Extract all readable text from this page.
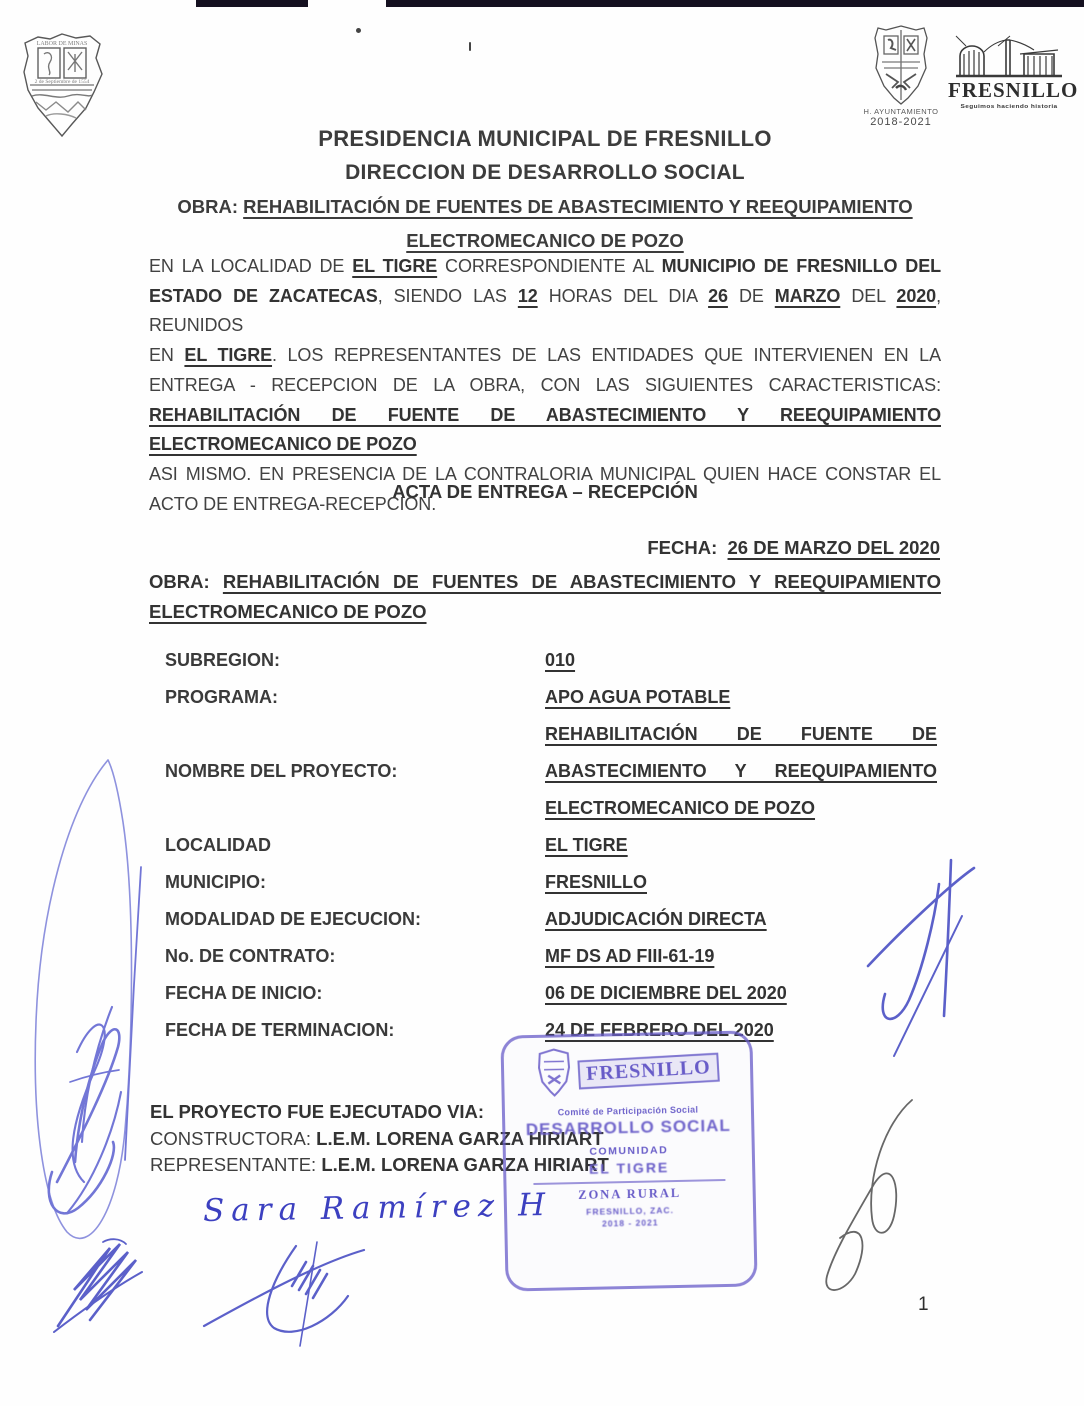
LABOR DE MINAS
2 de Septiembre de 1554
H. AYUNTAMIENTO
2018-2021
FRESNILLO
Seguimos haciendo historia
PRESIDENCIA MUNICIPAL DE FRESNILLO
DIRECCION DE DESARROLLO SOCIAL
OBRA: REHABILITACIÓN DE FUENTES DE ABASTECIMIENTO Y REEQUIPAMIENTO
ELECTROMECANICO DE POZO
EN LA LOCALIDAD DE EL TIGRE CORRESPONDIENTE AL MUNICIPIO DE FRESNILLO DEL
ESTADO DE ZACATECAS, SIENDO LAS 12 HORAS DEL DIA 26 DE MARZO DEL 2020, REUNIDOS
EN EL TIGRE. LOS REPRESENTANTES DE LAS ENTIDADES QUE INTERVIENEN EN LA
ENTREGA - RECEPCION DE LA OBRA, CON LAS SIGUIENTES CARACTERISTICAS:
REHABILITACIÓN DE FUENTE DE ABASTECIMIENTO Y REEQUIPAMIENTO
ELECTROMECANICO DE POZO
ASI MISMO. EN PRESENCIA DE LA CONTRALORIA MUNICIPAL QUIEN HACE CONSTAR EL
ACTO DE ENTREGA-RECEPCION.
ACTA DE ENTREGA – RECEPCIÓN
FECHA: 26 DE MARZO DEL 2020
OBRA: REHABILITACIÓN DE FUENTES DE ABASTECIMIENTO Y REEQUIPAMIENTO
ELECTROMECANICO DE POZO
SUBREGION:	010
PROGRAMA:	APO AGUA POTABLE
REHABILITACIÓN DE FUENTE DE
NOMBRE DEL PROYECTO:	ABASTECIMIENTO Y REEQUIPAMIENTO
ELECTROMECANICO DE POZO
LOCALIDAD	EL TIGRE
MUNICIPIO:	FRESNILLO
MODALIDAD DE EJECUCION:	ADJUDICACIÓN DIRECTA
No. DE CONTRATO:	MF DS AD FIII-61-19
FECHA DE INICIO:	06 DE DICIEMBRE DEL 2020
FECHA DE TERMINACION:	24 DE FEBRERO DEL 2020
EL PROYECTO FUE EJECUTADO VIA:
CONSTRUCTORA: L.E.M. LORENA GARZA HIRIART
REPRESENTANTE: L.E.M. LORENA GARZA HIRIART
FRESNILLO
Comité de Participación Social
DESARROLLO SOCIAL
COMUNIDAD
EL TIGRE
ZONA RURAL
FRESNILLO, ZAC.
2018 - 2021
Sara Ramírez H
1
